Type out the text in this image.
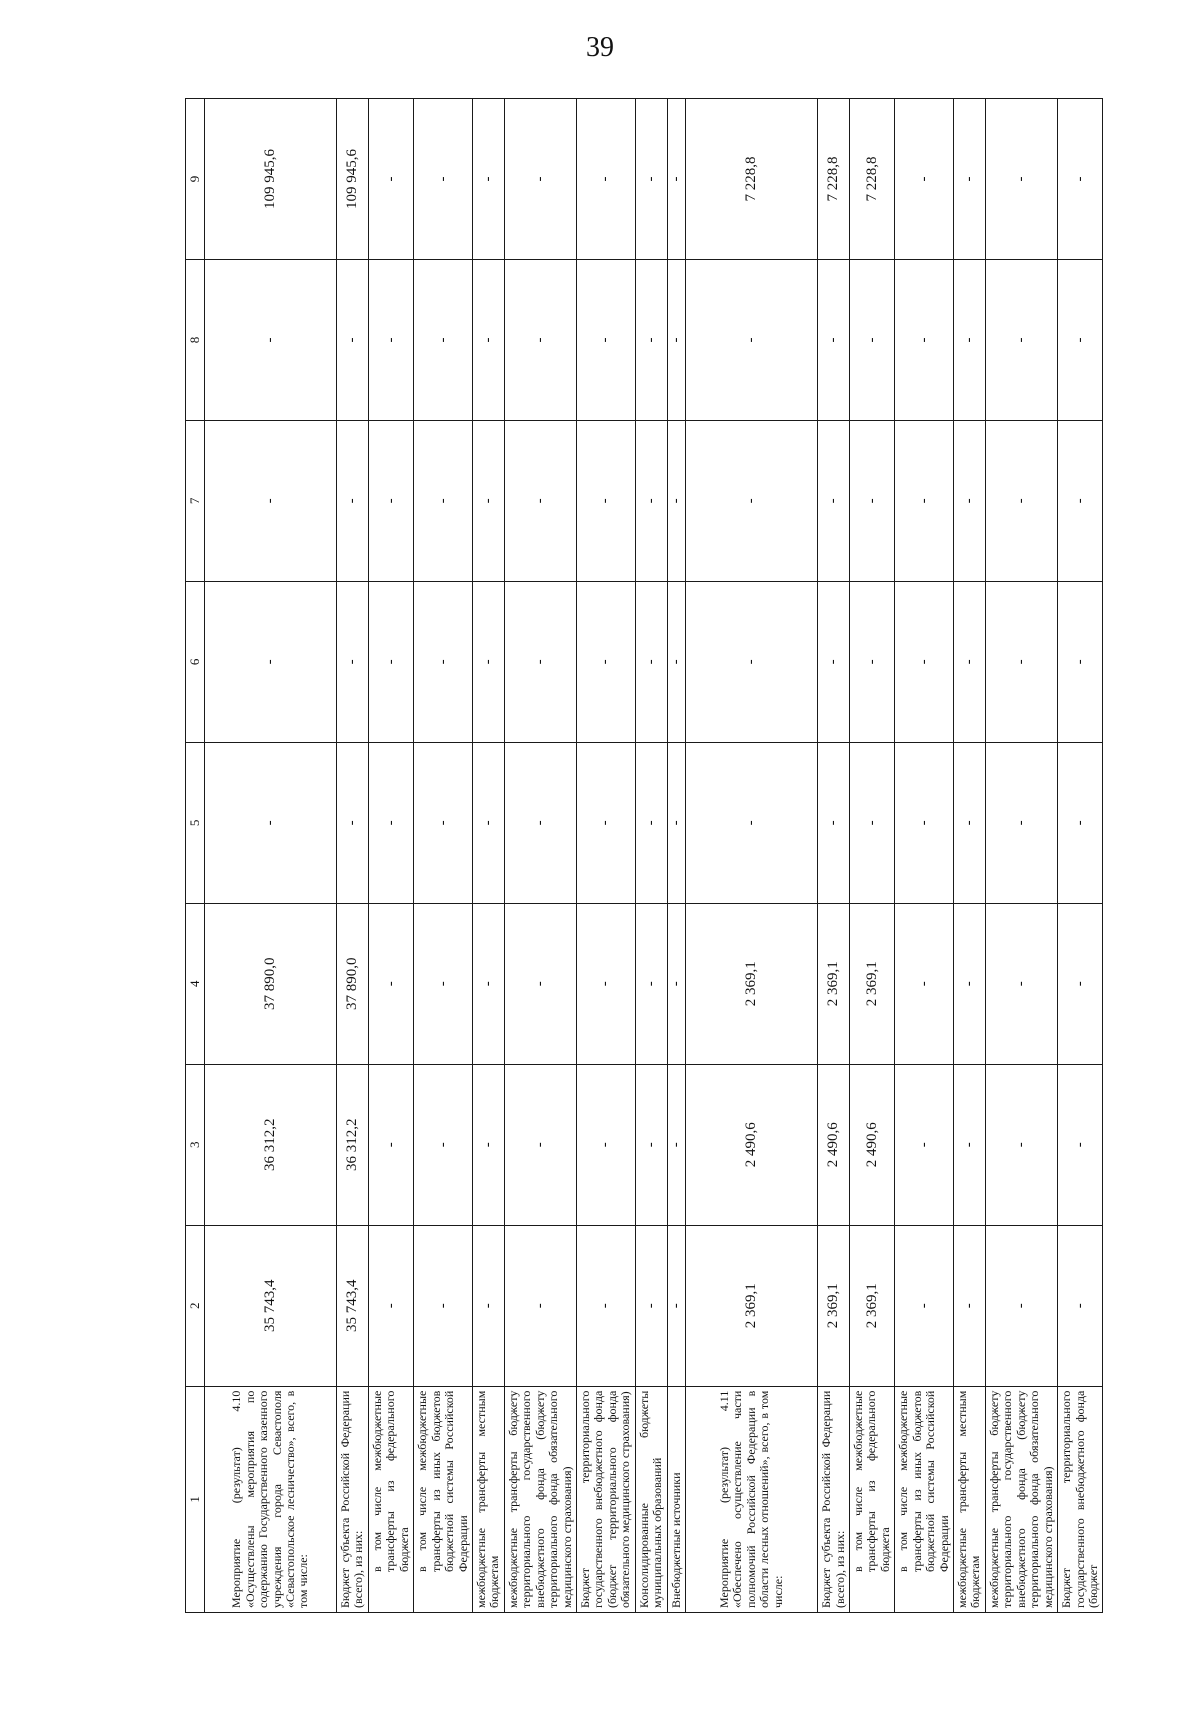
39
1	2	3	4	5	6	7	8	9
Мероприятие (результат) 4.10 «Осуществлены мероприятия по содержанию Государственного казенного учреждения города Севастополя «Севастопольское лесничество», всего, в том числе:	35 743,4	36 312,2	37 890,0	-	-	-	-	109 945,6
Бюджет субъекта Российской Федерации (всего), из них:	35 743,4	36 312,2	37 890,0	-	-	-	-	109 945,6
в том числе межбюджетные трансферты из федерального бюджета	-	-	-	-	-	-	-	-
в том числе межбюджетные трансферты из иных бюджетов бюджетной системы Российской Федерации	-	-	-	-	-	-	-	-
межбюджетные трансферты местным бюджетам	-	-	-	-	-	-	-	-
межбюджетные трансферты бюджету территориального государственного внебюджетного фонда (бюджету территориального фонда обязательного медицинского страхования)	-	-	-	-	-	-	-	-
Бюджет территориального государственного внебюджетного фонда (бюджет территориального фонда обязательного медицинского страхования)	-	-	-	-	-	-	-	-
Консолидированные бюджеты муниципальных образований	-	-	-	-	-	-	-	-
Внебюджетные источники	-	-	-	-	-	-	-	-
Мероприятие (результат) 4.11 «Обеспечено осуществление части полномочий Российской Федерации в области лесных отношений», всего, в том числе:	2 369,1	2 490,6	2 369,1	-	-	-	-	7 228,8
Бюджет субъекта Российской Федерации (всего), из них:	2 369,1	2 490,6	2 369,1	-	-	-	-	7 228,8
в том числе межбюджетные трансферты из федерального бюджета	2 369,1	2 490,6	2 369,1	-	-	-	-	7 228,8
в том числе межбюджетные трансферты из иных бюджетов бюджетной системы Российской Федерации	-	-	-	-	-	-	-	-
межбюджетные трансферты местным бюджетам	-	-	-	-	-	-	-	-
межбюджетные трансферты бюджету территориального государственного внебюджетного фонда (бюджету территориального фонда обязательного медицинского страхования)	-	-	-	-	-	-	-	-
Бюджет территориального государственного внебюджетного фонда (бюджет	-	-	-	-	-	-	-	-
